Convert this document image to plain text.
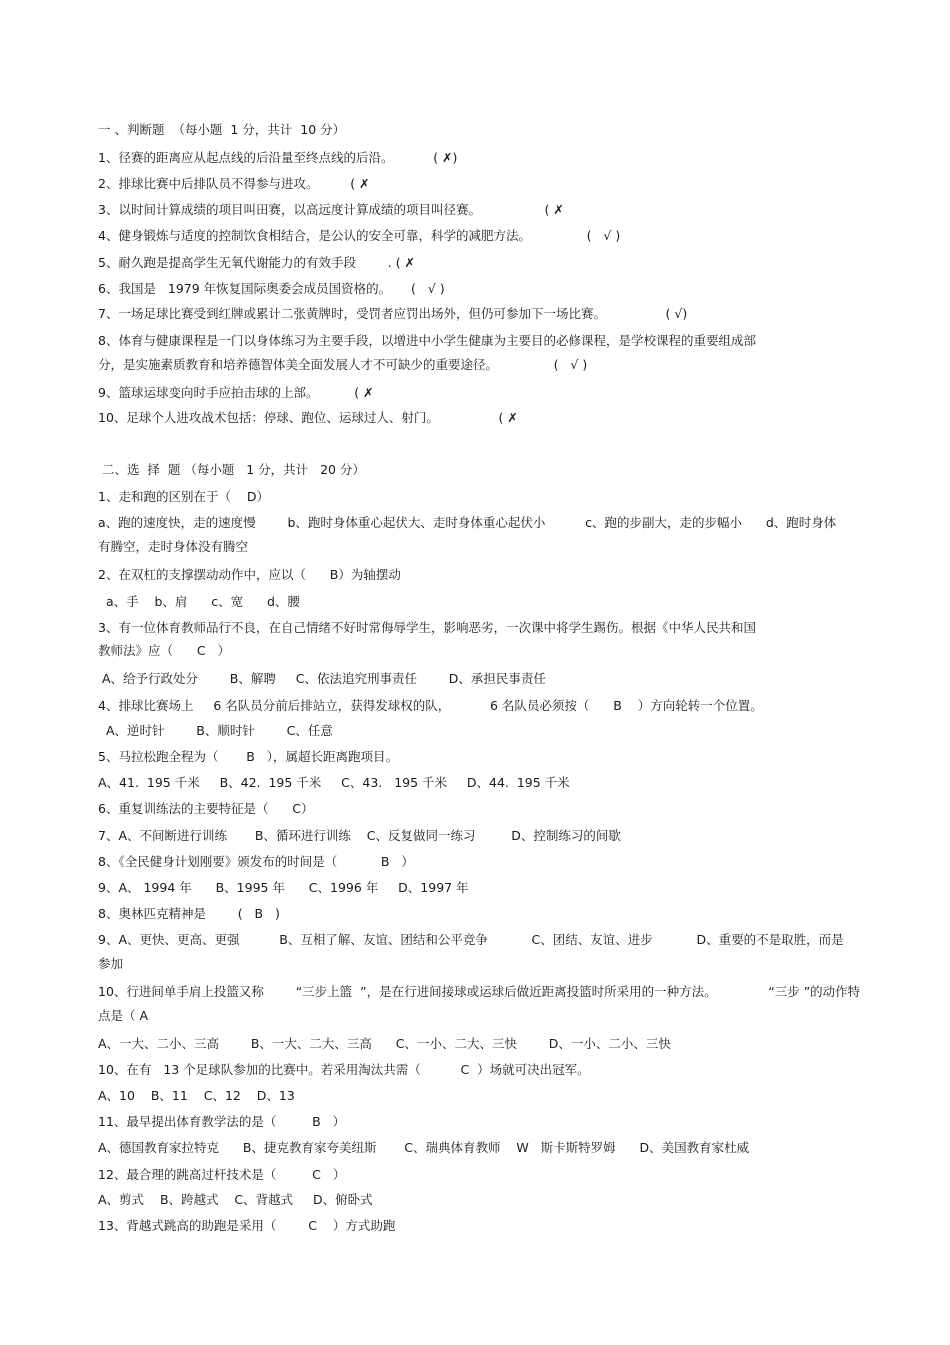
一 、判断题  （每小题  1 分，共计  10 分）
1、径赛的距离应从起点线的后沿量至终点线的后沿。          ( ✗)
2、排球比赛中后排队员不得参与进攻。        ( ✗
3、以时间计算成绩的项目叫田赛，以高远度计算成绩的项目叫径赛。                ( ✗
4、健身锻炼与适度的控制饮食相结合，是公认的安全可靠，科学的减肥方法。              (   √ )
5、耐久跑是提高学生无氧代谢能力的有效手段        . ( ✗
6、我国是   1979 年恢复国际奥委会成员国资格的。     (   √ )
7、一场足球比赛受到红牌或累计二张黄牌时，受罚者应罚出场外，但仍可参加下一场比赛。               ( √)
8、体育与健康课程是一门以身体练习为主要手段，以增进中小学生健康为主要目的必修课程，是学校课程的重要组成部
分，是实施素质教育和培养德智体美全面发展人才不可缺少的重要途径。              (   √ )
9、篮球运球变向时手应拍击球的上部。         ( ✗
10、足球个人进攻战术包括：停球、跑位、运球过人、射门。               ( ✗
二、选  择  题 （每小题   1 分，共计   20 分）
1、走和跑的区别在于（    D）
a、跑的速度快，走的速度慢        b、跑时身体重心起伏大、走时身体重心起伏小          c、跑的步副大，走的步幅小      d、跑时身体
有腾空，走时身体没有腾空
2、在双杠的支撑摆动动作中，应以（      B）为轴摆动
a、手    b、肩      c、宽      d、腰
3、有一位体育教师品行不良，在自己情绪不好时常侮辱学生，影响恶劣，一次课中将学生踢伤。根据《中华人民共和国
教师法》应（      C   ）
A、给予行政处分        B、解聘     C、依法追究刑事责任        D、承担民事责任
4、排球比赛场上     6 名队员分前后排站立，获得发球权的队，          6 名队员必须按（      B    ）方向轮转一个位置。
A、逆时针        B、顺时针        C、任意
5、马拉松跑全程为（       B   ），属超长距离跑项目。
A、41.  195 千米     B、42.  195 千米     C、43.   195 千米     D、44.  195 千米
6、重复训练法的主要特征是（      C）
7、A、不间断进行训练       B、循环进行训练    C、反复做同一练习         D、控制练习的间歇
8、《全民健身计划刚要》颁发布的时间是（           B   ）
9、A、 1994 年      B、1995 年      C、1996 年     D、1997 年
8、奥林匹克精神是        (   B   )
9、A、更快、更高、更强          B、互相了解、友谊、团结和公平竞争           C、团结、友谊、进步           D、重要的不是取胜，而是
参加
10、行进间单手肩上投篮又称        “三步上篮  ”，是在行进间接球或运球后做近距离投篮时所采用的一种方法。             “三步 ”的动作特
点是（ A
A、一大、二小、三高        B、一大、二大、三高      C、一小、二大、三快        D、一小、二小、三快
10、在有   13 个足球队参加的比赛中。若采用淘汰共需（          C  ）场就可决出冠军。
A、10    B、11    C、12    D、13
11、最早提出体育教学法的是（         B   ）
A、德国教育家拉特克      B、捷克教育家夸美纽斯       C、瑞典体育教师    W   斯卡斯特罗姆      D、美国教育家杜威
12、最合理的跳高过杆技术是（         C   ）
A、剪式    B、跨越式    C、背越式     D、俯卧式
13、背越式跳高的助跑是采用（        C    ）方式助跑
